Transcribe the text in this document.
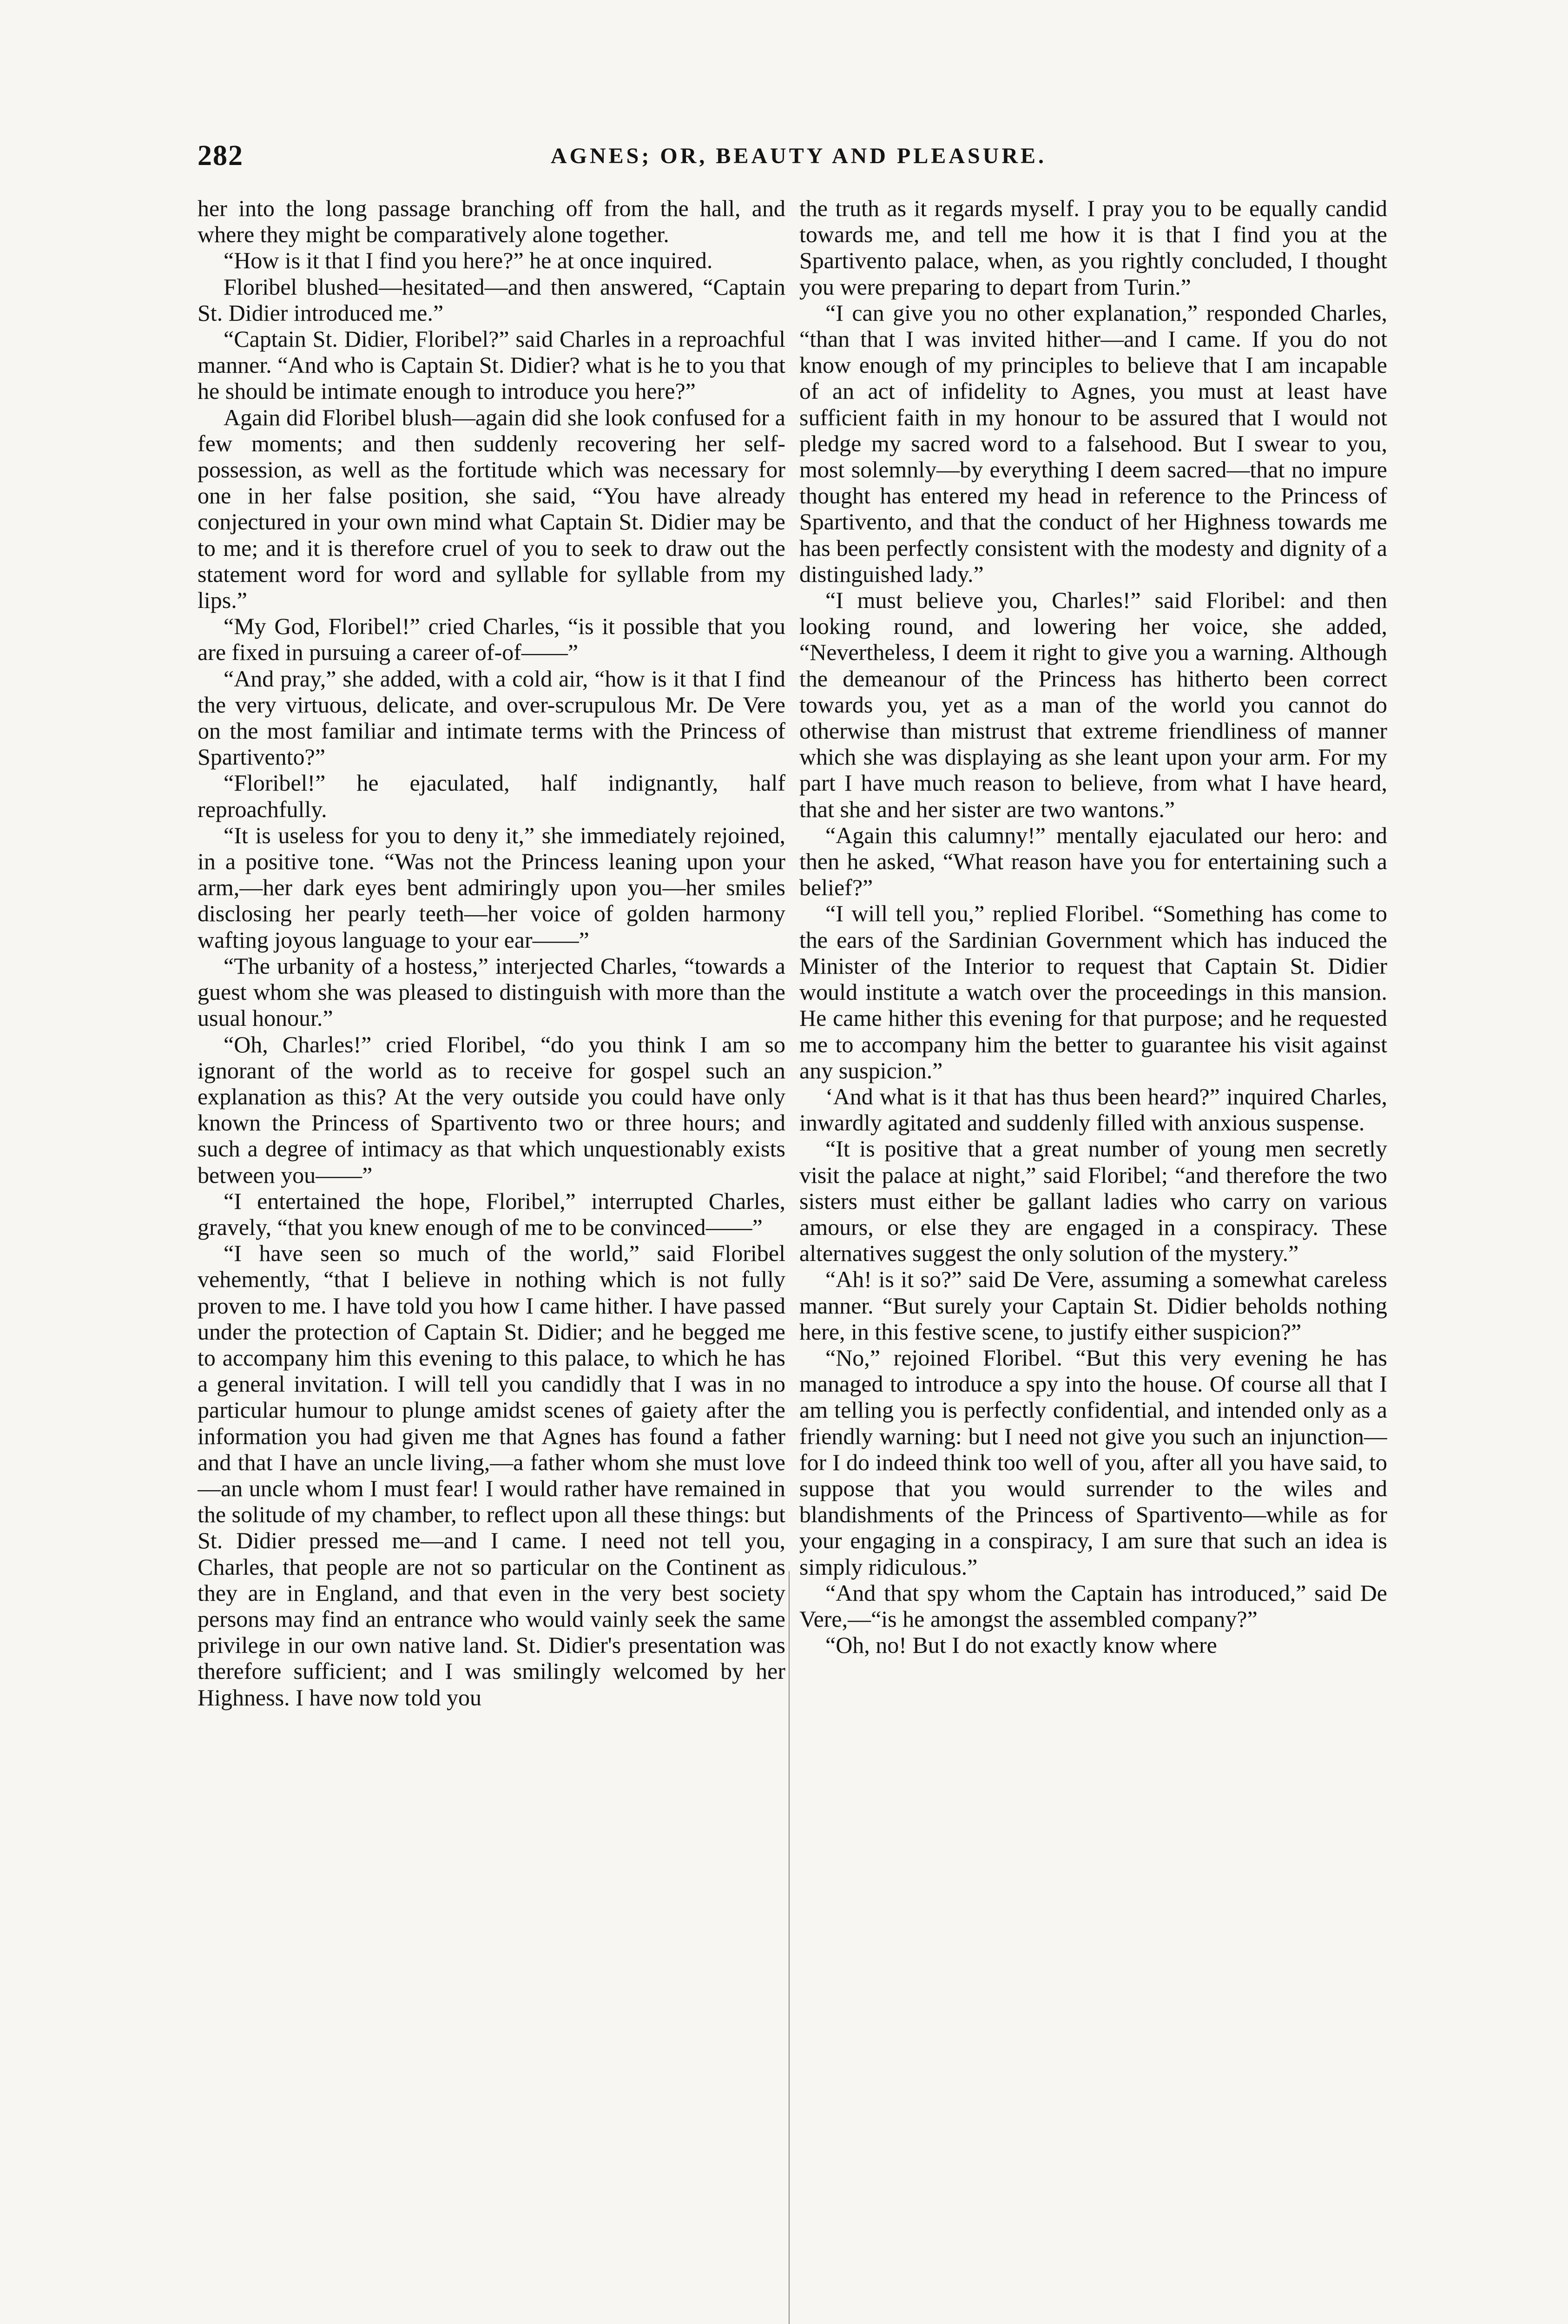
282	AGNES; OR, BEAUTY AND PLEASURE.

her into the long passage branching off from the hall, and where they might be comparatively alone together.

“How is it that I find you here?” he at once inquired.

Floribel blushed—hesitated—and then answered, “Captain St. Didier introduced me.”

“Captain St. Didier, Floribel?” said Charles in a reproachful manner. “And who is Captain St. Didier? what is he to you that he should be intimate enough to introduce you here?”

Again did Floribel blush—again did she look confused for a few moments; and then suddenly recovering her self-possession, as well as the fortitude which was necessary for one in her false position, she said, “You have already conjectured in your own mind what Captain St. Didier may be to me; and it is therefore cruel of you to seek to draw out the statement word for word and syllable for syllable from my lips.”

“My God, Floribel!” cried Charles, “is it possible that you are fixed in pursuing a career of-of——”

“And pray,” she added, with a cold air, “how is it that I find the very virtuous, delicate, and over-scrupulous Mr. De Vere on the most familiar and intimate terms with the Princess of Spartivento?”

“Floribel!” he ejaculated, half indignantly, half reproachfully.

“It is useless for you to deny it,” she immediately rejoined, in a positive tone. “Was not the Princess leaning upon your arm,—her dark eyes bent admiringly upon you—her smiles disclosing her pearly teeth—her voice of golden harmony wafting joyous language to your ear——”

“The urbanity of a hostess,” interjected Charles, “towards a guest whom she was pleased to distinguish with more than the usual honour.”

“Oh, Charles!” cried Floribel, “do you think I am so ignorant of the world as to receive for gospel such an explanation as this? At the very outside you could have only known the Princess of Spartivento two or three hours; and such a degree of intimacy as that which unquestionably exists between you——”

“I entertained the hope, Floribel,” interrupted Charles, gravely, “that you knew enough of me to be convinced——”

“I have seen so much of the world,” said Floribel vehemently, “that I believe in nothing which is not fully proven to me. I have told you how I came hither. I have passed under the protection of Captain St. Didier; and he begged me to accompany him this evening to this palace, to which he has a general invitation. I will tell you candidly that I was in no particular humour to plunge amidst scenes of gaiety after the information you had given me that Agnes has found a father and that I have an uncle living,—a father whom she must love—an uncle whom I must fear! I would rather have remained in the solitude of my chamber, to reflect upon all these things: but St. Didier pressed me—and I came. I need not tell you, Charles, that people are not so particular on the Continent as they are in England, and that even in the very best society persons may find an entrance who would vainly seek the same privilege in our own native land. St. Didier's presentation was therefore sufficient; and I was smilingly welcomed by her Highness. I have now told you

the truth as it regards myself. I pray you to be equally candid towards me, and tell me how it is that I find you at the Spartivento palace, when, as you rightly concluded, I thought you were preparing to depart from Turin.”

“I can give you no other explanation,” responded Charles, “than that I was invited hither—and I came. If you do not know enough of my principles to believe that I am incapable of an act of infidelity to Agnes, you must at least have sufficient faith in my honour to be assured that I would not pledge my sacred word to a falsehood. But I swear to you, most solemnly—by everything I deem sacred—that no impure thought has entered my head in reference to the Princess of Spartivento, and that the conduct of her Highness towards me has been perfectly consistent with the modesty and dignity of a distinguished lady.”

“I must believe you, Charles!” said Floribel: and then looking round, and lowering her voice, she added, “Nevertheless, I deem it right to give you a warning. Although the demeanour of the Princess has hitherto been correct towards you, yet as a man of the world you cannot do otherwise than mistrust that extreme friendliness of manner which she was displaying as she leant upon your arm. For my part I have much reason to believe, from what I have heard, that she and her sister are two wantons.”

“Again this calumny!” mentally ejaculated our hero: and then he asked, “What reason have you for entertaining such a belief?”

“I will tell you,” replied Floribel. “Something has come to the ears of the Sardinian Government which has induced the Minister of the Interior to request that Captain St. Didier would institute a watch over the proceedings in this mansion. He came hither this evening for that purpose; and he requested me to accompany him the better to guarantee his visit against any suspicion.”

‘And what is it that has thus been heard?” inquired Charles, inwardly agitated and suddenly filled with anxious suspense.

“It is positive that a great number of young men secretly visit the palace at night,” said Floribel; “and therefore the two sisters must either be gallant ladies who carry on various amours, or else they are engaged in a conspiracy. These alternatives suggest the only solution of the mystery.”

“Ah! is it so?” said De Vere, assuming a somewhat careless manner. “But surely your Captain St. Didier beholds nothing here, in this festive scene, to justify either suspicion?”

“No,” rejoined Floribel. “But this very evening he has managed to introduce a spy into the house. Of course all that I am telling you is perfectly confidential, and intended only as a friendly warning: but I need not give you such an injunction—for I do indeed think too well of you, after all you have said, to suppose that you would surrender to the wiles and blandishments of the Princess of Spartivento—while as for your engaging in a conspiracy, I am sure that such an idea is simply ridiculous.”

“And that spy whom the Captain has introduced,” said De Vere,—“is he amongst the assembled company?”

“Oh, no! But I do not exactly know where
